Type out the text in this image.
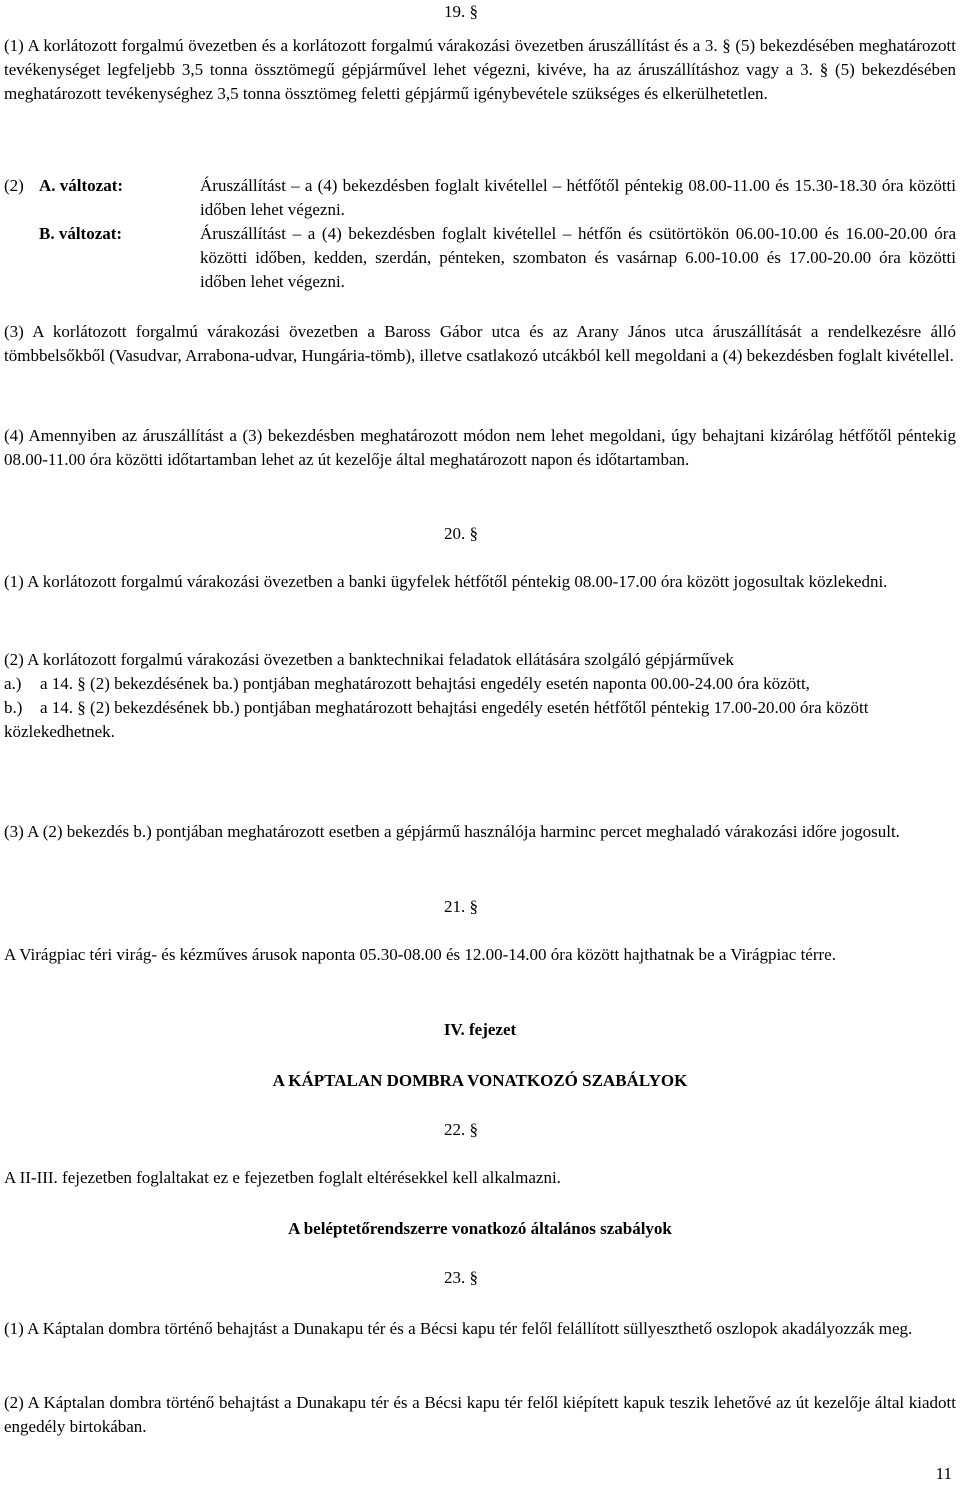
19. §
(1) A korlátozott forgalmú övezetben és a korlátozott forgalmú várakozási övezetben áruszállítást és a 3. § (5) bekezdésében meghatározott tevékenységet legfeljebb 3,5 tonna össztömegű gépjárművel lehet végezni, kivéve, ha az áruszállításhoz vagy a 3. § (5) bekezdésében meghatározott tevékenységhez 3,5 tonna össztömeg feletti gépjármű igénybevétele szükséges és elkerülhetetlen.
(2) A. változat:	Áruszállítást – a (4) bekezdésben foglalt kivétellel – hétfőtől péntekig 08.00-11.00 és 15.30-18.30 óra közötti időben lehet végezni.
B. változat:	Áruszállítást – a (4) bekezdésben foglalt kivétellel – hétfőn és csütörtökön 06.00-10.00 és 16.00-20.00 óra közötti időben, kedden, szerdán, pénteken, szombaton és vasárnap 6.00-10.00 és 17.00-20.00 óra közötti időben lehet végezni.
(3) A korlátozott forgalmú várakozási övezetben a Baross Gábor utca és az Arany János utca áruszállítását a rendelkezésre álló tömbbelsőkből (Vasudvar, Arrabona-udvar, Hungária-tömb), illetve csatlakozó utcákból kell megoldani a (4) bekezdésben foglalt kivétellel.
(4) Amennyiben az áruszállítást a (3) bekezdésben meghatározott módon nem lehet megoldani, úgy behajtani kizárólag hétfőtől péntekig 08.00-11.00 óra közötti időtartamban lehet az út kezelője által meghatározott napon és időtartamban.
20. §
(1) A korlátozott forgalmú várakozási övezetben a banki ügyfelek hétfőtől péntekig 08.00-17.00 óra között jogosultak közlekedni.
(2) A korlátozott forgalmú várakozási övezetben a banktechnikai feladatok ellátására szolgáló gépjárművek
a.)	a 14. § (2) bekezdésének ba.) pontjában meghatározott behajtási engedély esetén naponta 00.00-24.00 óra között,
b.)	a 14. § (2) bekezdésének bb.) pontjában meghatározott behajtási engedély esetén hétfőtől péntekig 17.00-20.00 óra között
közlekedhetnek.
(3) A (2) bekezdés b.) pontjában meghatározott esetben a gépjármű használója harminc percet meghaladó várakozási időre jogosult.
21. §
A Virágpiac téri virág- és kézműves árusok naponta 05.30-08.00 és 12.00-14.00 óra között hajthatnak be a Virágpiac térre.
IV. fejezet
A KÁPTALAN DOMBRA VONATKOZÓ SZABÁLYOK
22. §
A II-III. fejezetben foglaltakat ez e fejezetben foglalt eltérésekkel kell alkalmazni.
A beléptetőrendszerre vonatkozó általános szabályok
23. §
(1) A Káptalan dombra történő behajtást a Dunakapu tér és a Bécsi kapu tér felől felállított süllyeszthető oszlopok akadályozzák meg.
(2) A Káptalan dombra történő behajtást a Dunakapu tér és a Bécsi kapu tér felől kiépített kapuk teszik lehetővé az út kezelője által kiadott engedély birtokában.
11
